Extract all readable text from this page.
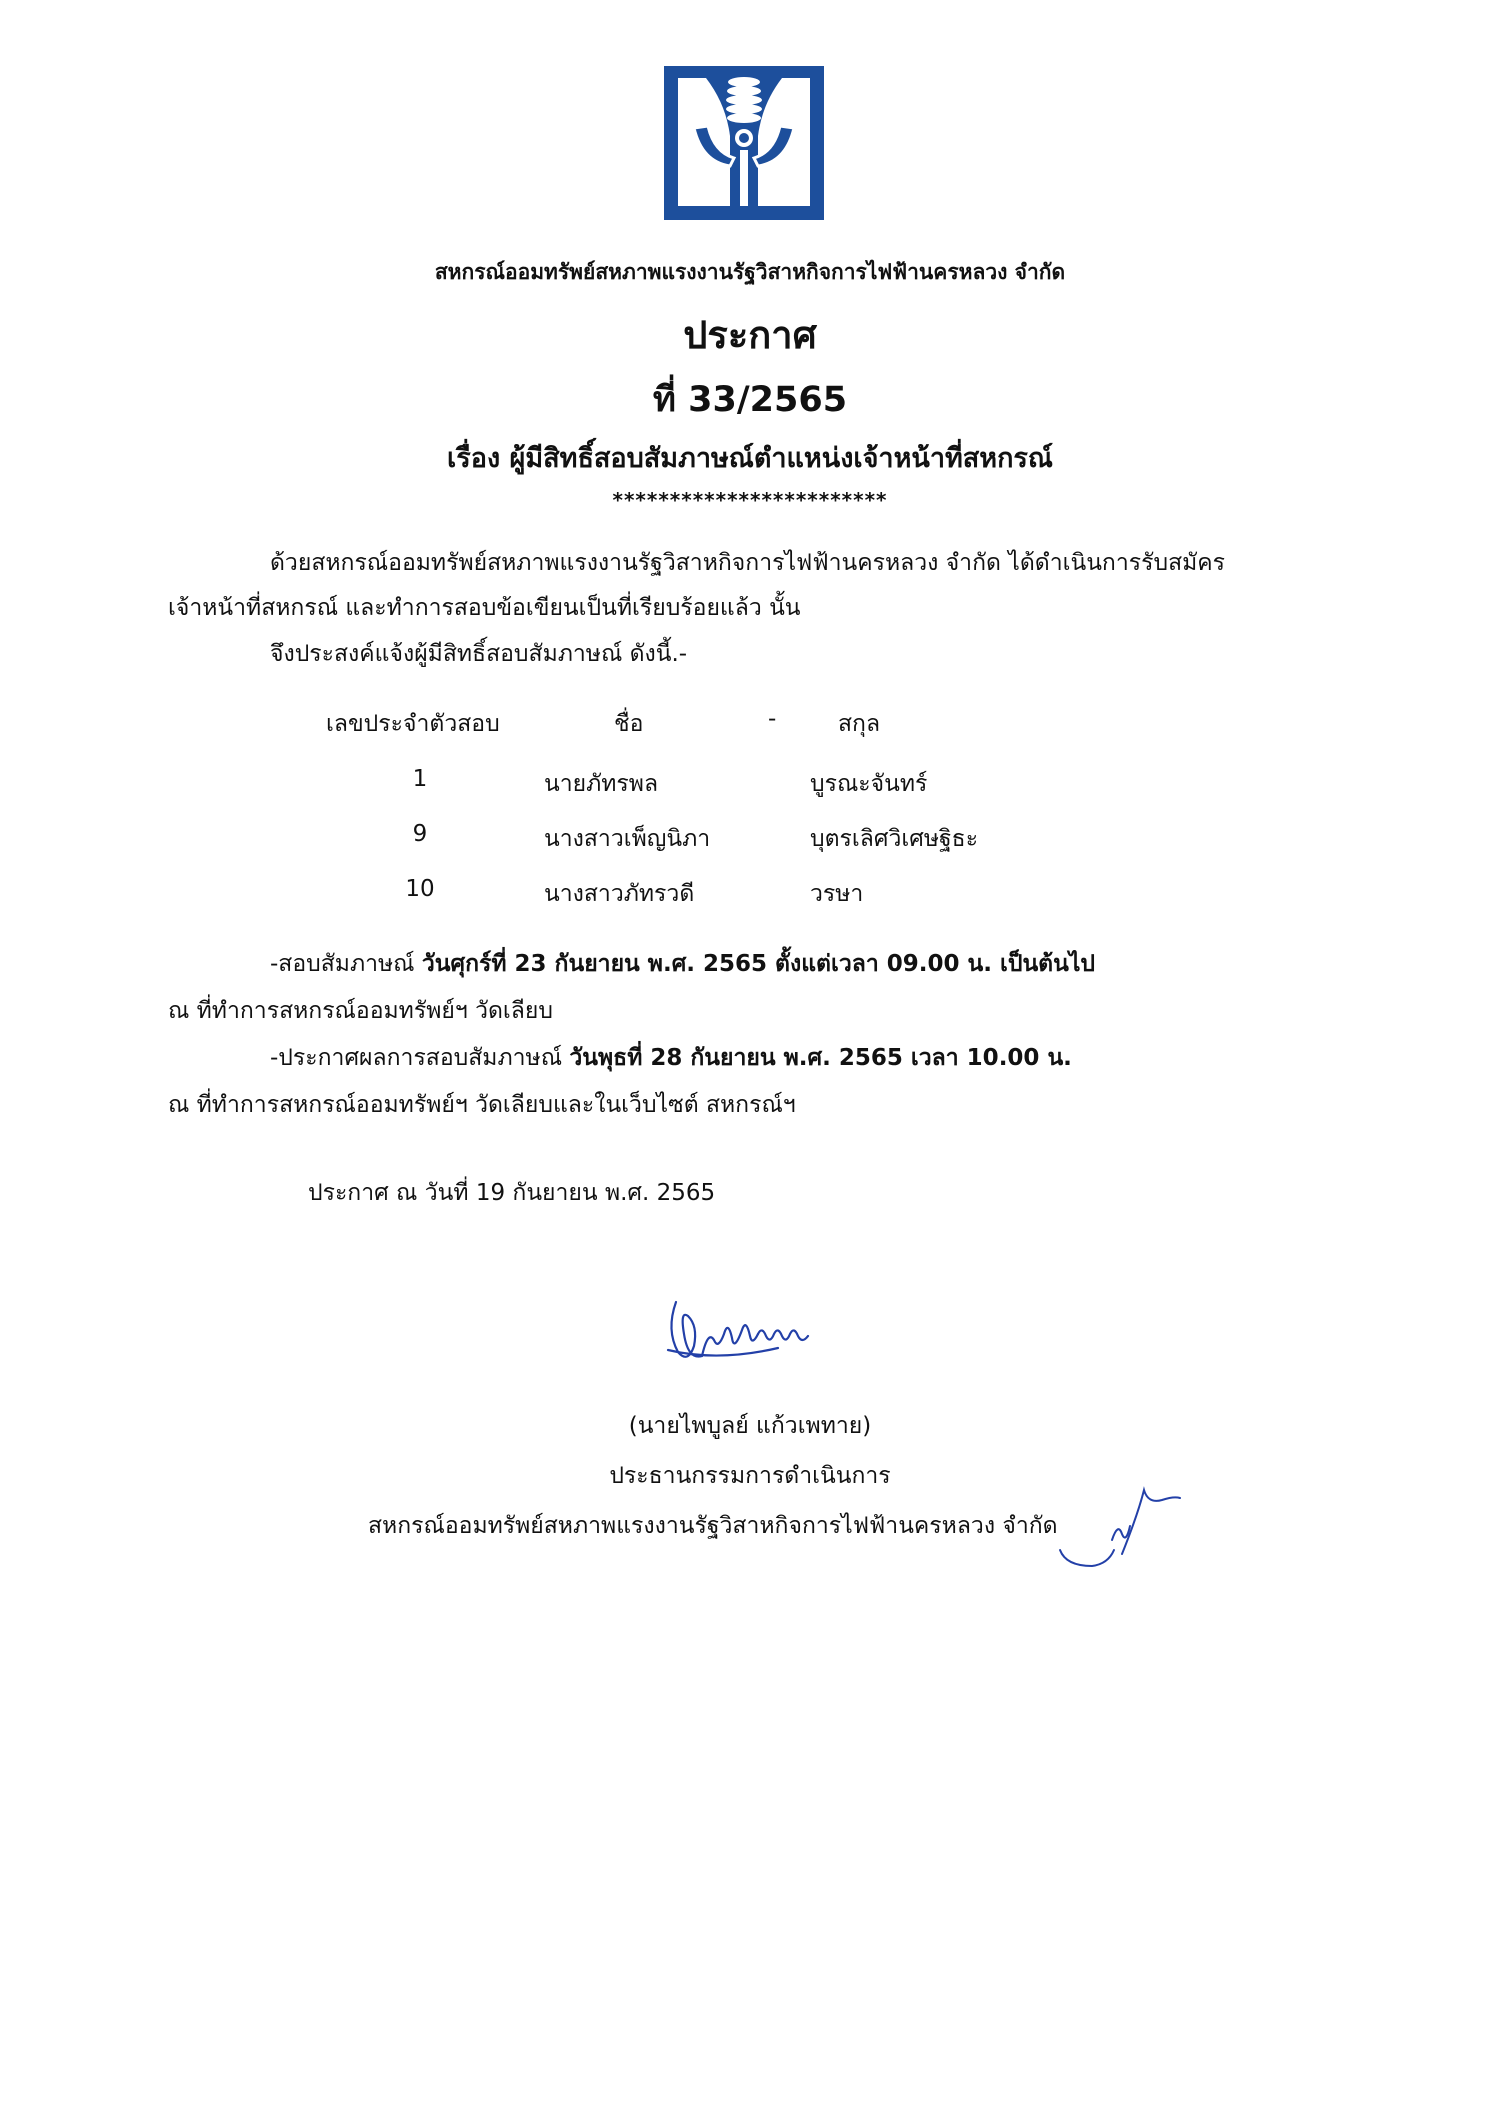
สหกรณ์ออมทรัพย์สหภาพแรงงานรัฐวิสาหกิจการไฟฟ้านครหลวง จำกัด
ประกาศ
ที่ 33/2565
เรื่อง ผู้มีสิทธิ์สอบสัมภาษณ์ตำแหน่งเจ้าหน้าที่สหกรณ์
************************
ด้วยสหกรณ์ออมทรัพย์สหภาพแรงงานรัฐวิสาหกิจการไฟฟ้านครหลวง จำกัด ได้ดำเนินการรับสมัคร
เจ้าหน้าที่สหกรณ์ และทำการสอบข้อเขียนเป็นที่เรียบร้อยแล้ว นั้น
จึงประสงค์แจ้งผู้มีสิทธิ์สอบสัมภาษณ์ ดังนี้.-
เลขประจำตัวสอบ	ชื่อ	-	สกุล
1	นายภัทรพล	บูรณะจันทร์
9	นางสาวเพ็ญนิภา	บุตรเลิศวิเศษฐิธะ
10	นางสาวภัทรวดี	วรษา
-สอบสัมภาษณ์ วันศุกร์ที่ 23 กันยายน พ.ศ. 2565 ตั้งแต่เวลา 09.00 น. เป็นต้นไป
ณ ที่ทำการสหกรณ์ออมทรัพย์ฯ วัดเลียบ
-ประกาศผลการสอบสัมภาษณ์ วันพุธที่ 28 กันยายน พ.ศ. 2565 เวลา 10.00 น.
ณ ที่ทำการสหกรณ์ออมทรัพย์ฯ วัดเลียบและในเว็บไซต์ สหกรณ์ฯ
ประกาศ ณ วันที่ 19 กันยายน พ.ศ. 2565
(นายไพบูลย์ แก้วเพทาย)
ประธานกรรมการดำเนินการ
สหกรณ์ออมทรัพย์สหภาพแรงงานรัฐวิสาหกิจการไฟฟ้านครหลวง จำกัด
